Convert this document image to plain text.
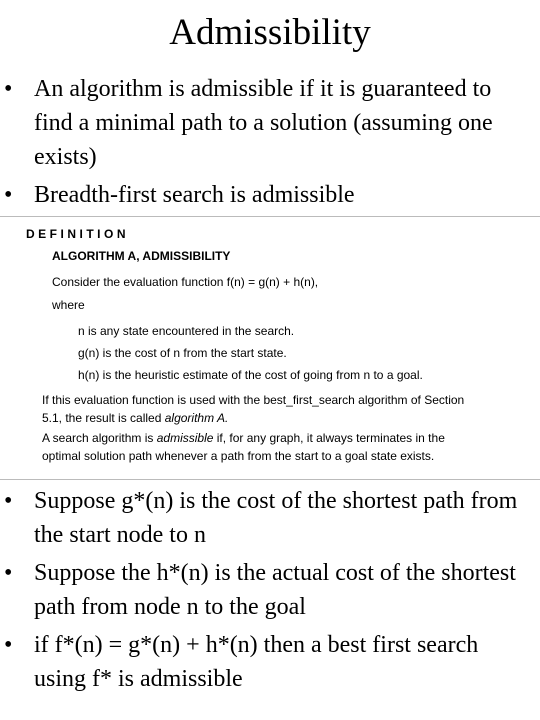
Admissibility
• An algorithm is admissible if it is guaranteed to find a minimal path to a solution (assuming one exists)
• Breadth-first search is admissible
DEFINITION
ALGORITHM A, ADMISSIBILITY
Consider the evaluation function f(n) = g(n) + h(n),
where
n is any state encountered in the search.
g(n) is the cost of n from the start state.
h(n) is the heuristic estimate of the cost of going from n to a goal.
If this evaluation function is used with the best_first_search algorithm of Section
5.1, the result is called algorithm A.
A search algorithm is admissible if, for any graph, it always terminates in the
optimal solution path whenever a path from the start to a goal state exists.
• Suppose g*(n) is the cost of the shortest path from the start node to n
• Suppose the h*(n) is the actual cost of the shortest path from node n to the goal
• if f*(n) = g*(n) + h*(n) then a best first search using f* is admissible
